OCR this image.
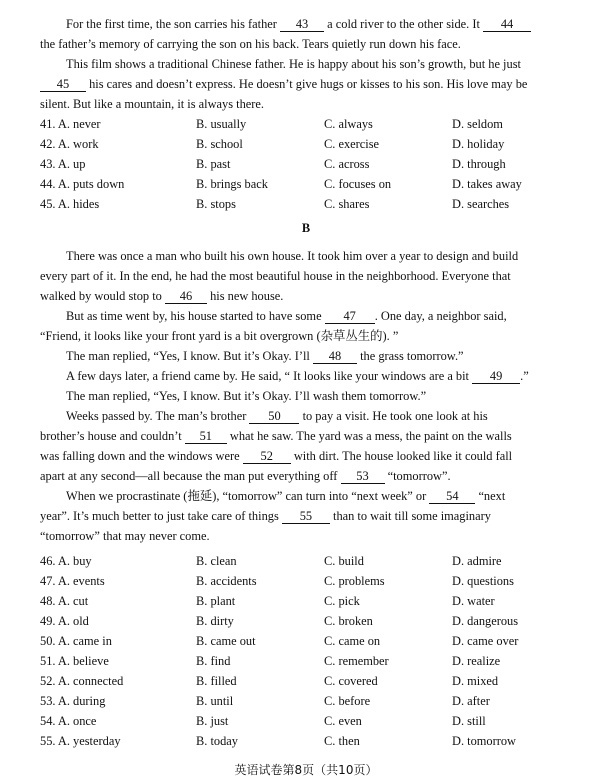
For the first time, the son carries his father 43 a cold river to the other side. It 44
the father’s memory of carrying the son on his back. Tears quietly run down his face.
This film shows a traditional Chinese father. He is happy about his son’s growth, but he just
45 his cares and doesn’t express. He doesn’t give hugs or kisses to his son. His love may be
silent. But like a mountain, it is always there.
41. A. never	B. usually	C. always	D. seldom
42. A. work	B. school	C. exercise	D. holiday
43. A. up	B. past	C. across	D. through
44. A. puts down	B. brings back	C. focuses on	D. takes away
45. A. hides	B. stops	C. shares	D. searches
B
There was once a man who built his own house. It took him over a year to design and build
every part of it. In the end, he had the most beautiful house in the neighborhood. Everyone that
walked by would stop to 46 his new house.
But as time went by, his house started to have some 47 . One day, a neighbor said,
“Friend, it looks like your front yard is a bit overgrown (杂草丛生的). ”
The man replied, “Yes, I know. But it’s Okay. I’ll 48 the grass tomorrow.”
A few days later, a friend came by. He said, “ It looks like your windows are a bit 49 .”
The man replied, “Yes, I know. But it’s Okay. I’ll wash them tomorrow.”
Weeks passed by. The man’s brother 50 to pay a visit. He took one look at his
brother’s house and couldn’t 51 what he saw. The yard was a mess, the paint on the walls
was falling down and the windows were 52 with dirt. The house looked like it could fall
apart at any second—all because the man put everything off 53 “tomorrow”.
When we procrastinate (拖延), “tomorrow” can turn into “next week” or 54 “next
year”. It’s much better to just take care of things 55 than to wait till some imaginary
“tomorrow” that may never come.
46. A. buy	B. clean	C. build	D. admire
47. A. events	B. accidents	C. problems	D. questions
48. A. cut	B. plant	C. pick	D. water
49. A. old	B. dirty	C. broken	D. dangerous
50. A. came in	B. came out	C. came on	D. came over
51. A. believe	B. find	C. remember	D. realize
52. A. connected	B. filled	C. covered	D. mixed
53. A. during	B. until	C. before	D. after
54. A. once	B. just	C. even	D. still
55. A. yesterday	B. today	C. then	D. tomorrow
英语试卷第8页（共10页）
